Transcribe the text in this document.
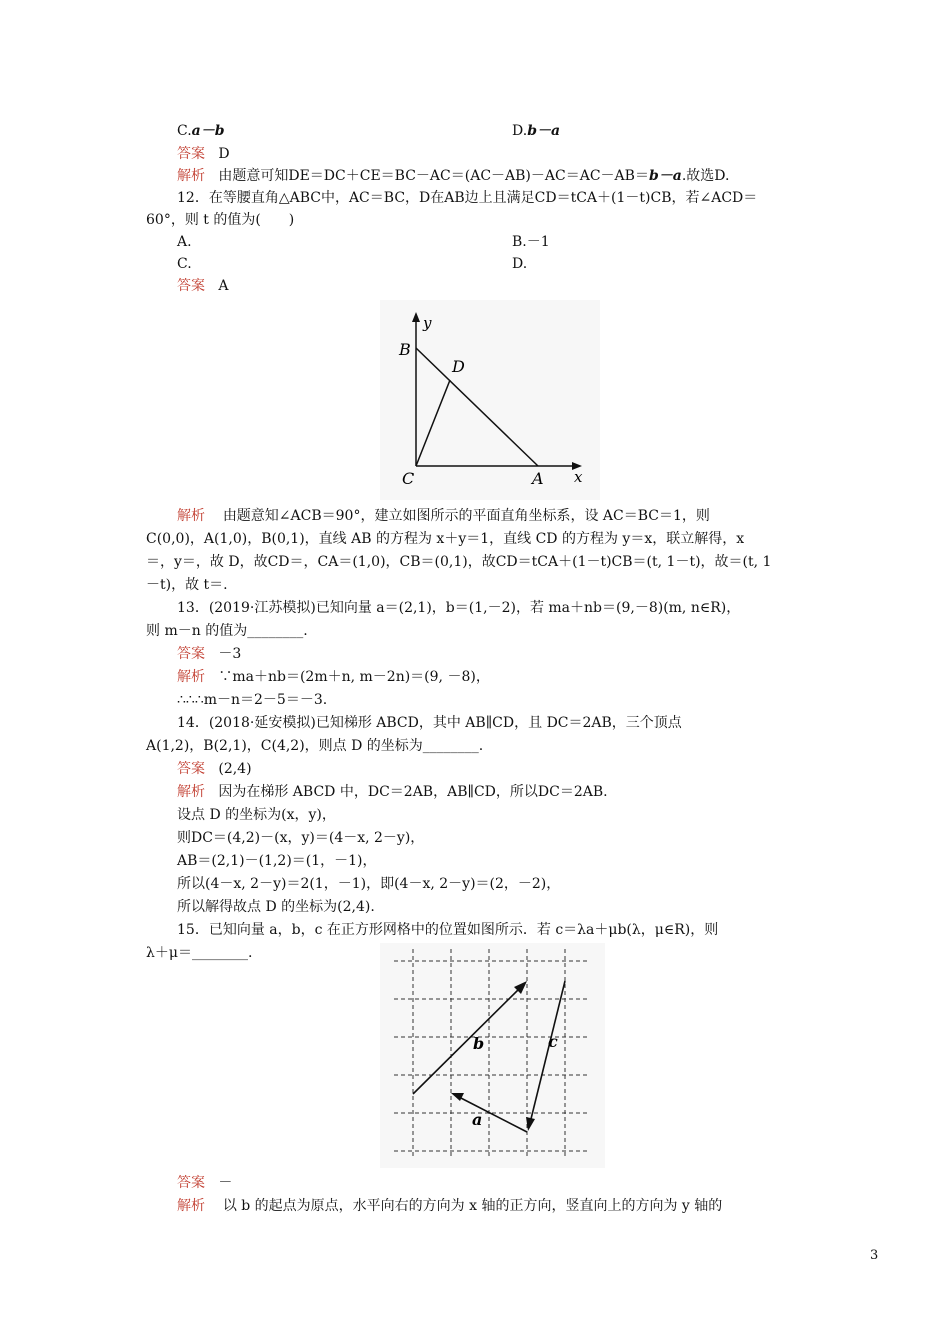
C.a－b	D.b－a
答案 D
解析 由题意可知DE＝DC＋CE＝BC－AC＝(AC－AB)－AC＝AC－AB＝b－a.故选D.
12．在等腰直角△ABC中，AC＝BC，D在AB边上且满足CD＝tCA＋(1－t)CB，若∠ACD＝
60°，则 t 的值为(　　)
A.	B.－1
C.	D.
答案 A
y
B
D
C	A x
解析 由题意知∠ACB＝90°，建立如图所示的平面直角坐标系，设 AC＝BC＝1，则
C(0,0)，A(1,0)，B(0,1)，直线 AB 的方程为 x＋y＝1，直线 CD 的方程为 y＝x，联立解得，x
＝，y＝，故 D，故CD＝，CA＝(1,0)，CB＝(0,1)，故CD＝tCA＋(1－t)CB＝(t, 1－t)，故＝(t, 1
－t)，故 t＝.
13．(2019·江苏模拟)已知向量 a＝(2,1)，b＝(1,－2)，若 ma＋nb＝(9,－8)(m, n∈R)，
则 m－n 的值为________.
答案 －3
解析 ∵ma＋nb＝(2m＋n, m－2n)＝(9, －8)，
∴∴∴m－n＝2－5＝－3.
14．(2018·延安模拟)已知梯形 ABCD，其中 AB∥CD，且 DC＝2AB，三个顶点
A(1,2)，B(2,1)，C(4,2)，则点 D 的坐标为________.
答案 (2,4)
解析 因为在梯形 ABCD 中，DC＝2AB，AB∥CD，所以DC＝2AB.
设点 D 的坐标为(x，y)，
则DC＝(4,2)－(x，y)＝(4－x, 2－y)，
AB＝(2,1)－(1,2)＝(1，－1)，
所以(4－x, 2－y)＝2(1，－1)，即(4－x, 2－y)＝(2，－2)，
所以解得故点 D 的坐标为(2,4).
15．已知向量 a，b，c 在正方形网格中的位置如图所示．若 c＝λa＋μb(λ，μ∈R)，则
λ＋μ＝________.
b	c
a
答案 －
解析 以 b 的起点为原点，水平向右的方向为 x 轴的正方向，竖直向上的方向为 y 轴的
3
